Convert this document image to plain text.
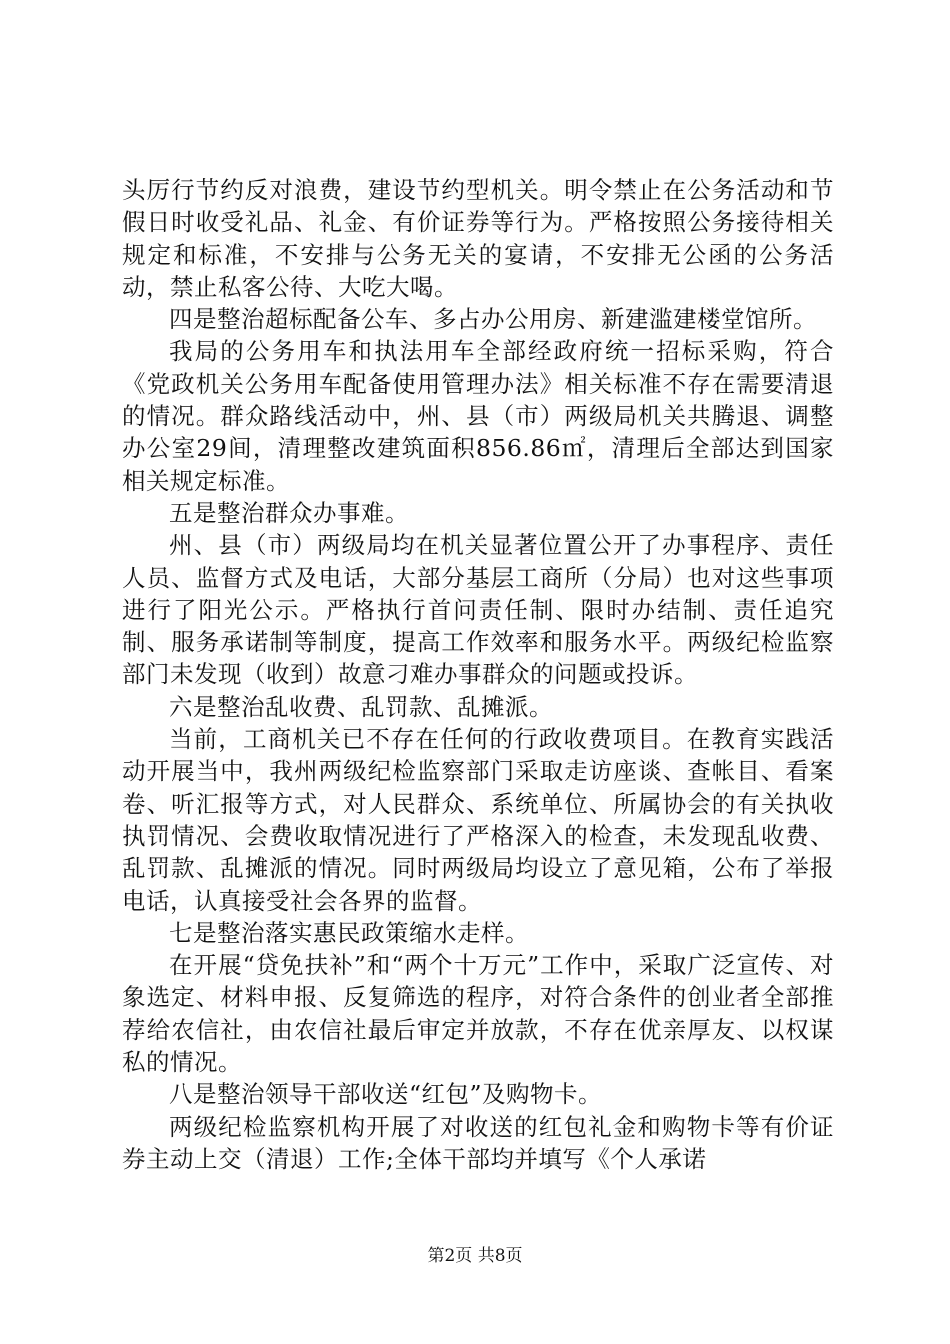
头厉行节约反对浪费，建设节约型机关。明令禁止在公务活动和节假日时收受礼品、礼金、有价证券等行为。严格按照公务接待相关规定和标准，不安排与公务无关的宴请，不安排无公函的公务活动，禁止私客公待、大吃大喝。

四是整治超标配备公车、多占办公用房、新建滥建楼堂馆所。

我局的公务用车和执法用车全部经政府统一招标采购，符合《党政机关公务用车配备使用管理办法》相关标准不存在需要清退的情况。群众路线活动中，州、县（市）两级局机关共腾退、调整办公室29间，清理整改建筑面积856.86㎡，清理后全部达到国家相关规定标准。

五是整治群众办事难。

州、县（市）两级局均在机关显著位置公开了办事程序、责任人员、监督方式及电话，大部分基层工商所（分局）也对这些事项进行了阳光公示。严格执行首问责任制、限时办结制、责任追究制、服务承诺制等制度，提高工作效率和服务水平。两级纪检监察部门未发现（收到）故意刁难办事群众的问题或投诉。

六是整治乱收费、乱罚款、乱摊派。

当前，工商机关已不存在任何的行政收费项目。在教育实践活动开展当中，我州两级纪检监察部门采取走访座谈、查帐目、看案卷、听汇报等方式，对人民群众、系统单位、所属协会的有关执收执罚情况、会费收取情况进行了严格深入的检查，未发现乱收费、乱罚款、乱摊派的情况。同时两级局均设立了意见箱，公布了举报电话，认真接受社会各界的监督。

七是整治落实惠民政策缩水走样。

在开展“贷免扶补”和“两个十万元”工作中，采取广泛宣传、对象选定、材料申报、反复筛选的程序，对符合条件的创业者全部推荐给农信社，由农信社最后审定并放款，不存在优亲厚友、以权谋私的情况。

八是整治领导干部收送“红包”及购物卡。

两级纪检监察机构开展了对收送的红包礼金和购物卡等有价证券主动上交（清退）工作;全体干部均并填写《个人承诺

第2页 共8页
